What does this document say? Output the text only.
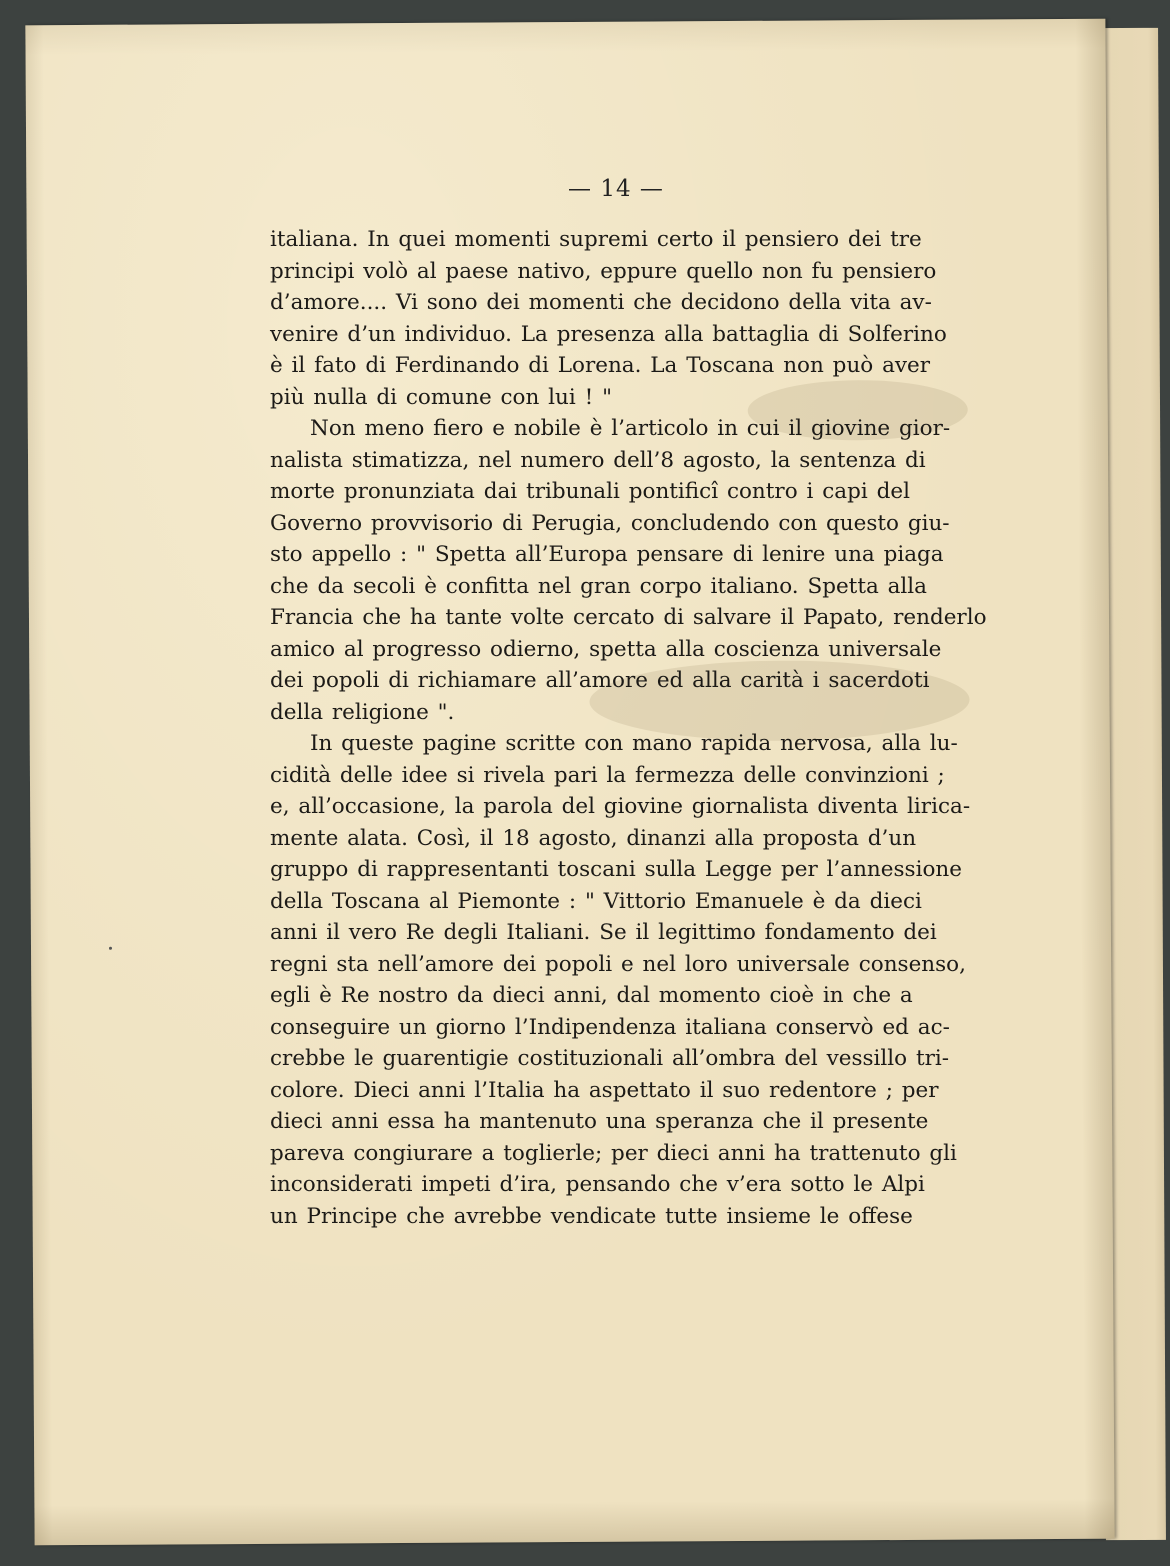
— 14 —
italiana. In quei momenti supremi certo il pensiero dei tre
principi volò al paese nativo, eppure quello non fu pensiero
d’amore.... Vi sono dei momenti che decidono della vita av-
venire d’un individuo. La presenza alla battaglia di Solferino
è il fato di Ferdinando di Lorena. La Toscana non può aver
più nulla di comune con lui ! "
Non meno fiero e nobile è l’articolo in cui il giovine gior-
nalista stimatizza, nel numero dell’8 agosto, la sentenza di
morte pronunziata dai tribunali pontificî contro i capi del
Governo provvisorio di Perugia, concludendo con questo giu-
sto appello : " Spetta all’Europa pensare di lenire una piaga
che da secoli è confitta nel gran corpo italiano. Spetta alla
Francia che ha tante volte cercato di salvare il Papato, renderlo
amico al progresso odierno, spetta alla coscienza universale
dei popoli di richiamare all’amore ed alla carità i sacerdoti
della religione ".
In queste pagine scritte con mano rapida nervosa, alla lu-
cidità delle idee si rivela pari la fermezza delle convinzioni ;
e, all’occasione, la parola del giovine giornalista diventa lirica-
mente alata. Così, il 18 agosto, dinanzi alla proposta d’un
gruppo di rappresentanti toscani sulla Legge per l’annessione
della Toscana al Piemonte : " Vittorio Emanuele è da dieci
anni il vero Re degli Italiani. Se il legittimo fondamento dei
regni sta nell’amore dei popoli e nel loro universale consenso,
egli è Re nostro da dieci anni, dal momento cioè in che a
conseguire un giorno l’Indipendenza italiana conservò ed ac-
crebbe le guarentigie costituzionali all’ombra del vessillo tri-
colore. Dieci anni l’Italia ha aspettato il suo redentore ; per
dieci anni essa ha mantenuto una speranza che il presente
pareva congiurare a toglierle; per dieci anni ha trattenuto gli
inconsiderati impeti d’ira, pensando che v’era sotto le Alpi
un Principe che avrebbe vendicate tutte insieme le offese
